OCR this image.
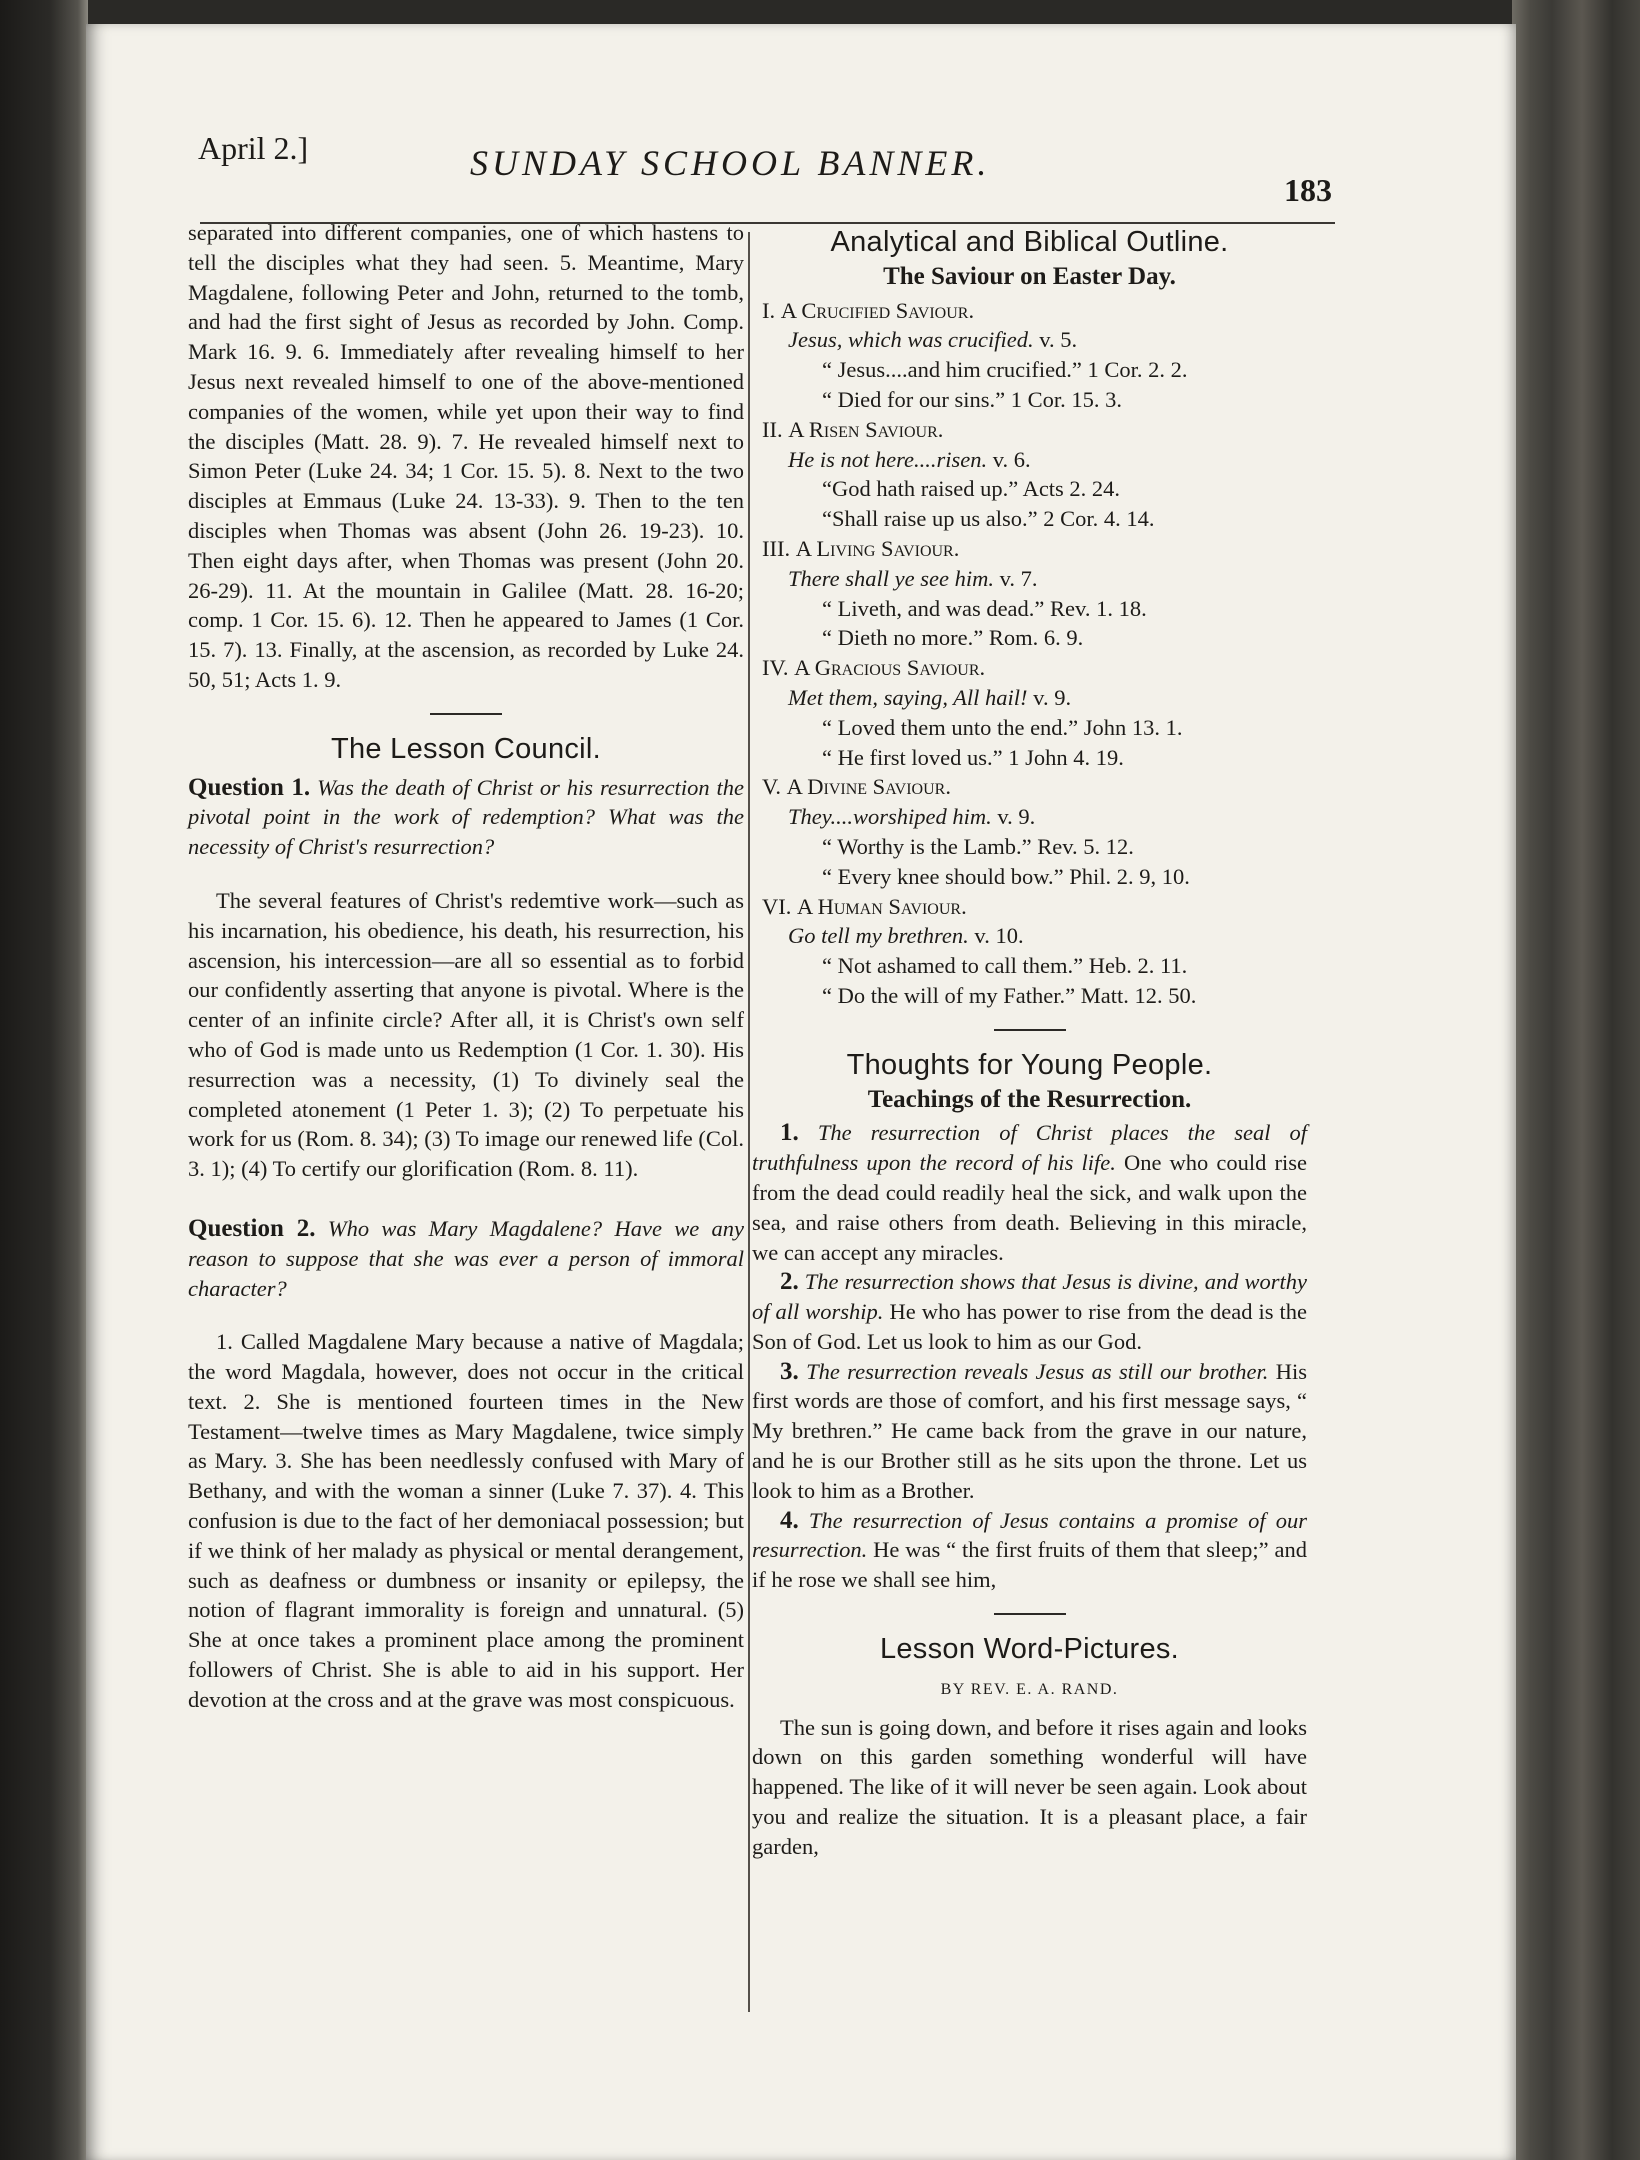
April 2.]	SUNDAY SCHOOL BANNER.
183

separated into different companies, one of which hastens to tell the disciples what they had seen. 5. Meantime, Mary Magdalene, following Peter and John, returned to the tomb, and had the first sight of Jesus as recorded by John. Comp. Mark 16. 9. 6. Immediately after revealing himself to her Jesus next revealed himself to one of the above-mentioned companies of the women, while yet upon their way to find the disciples (Matt. 28. 9). 7. He revealed himself next to Simon Peter (Luke 24. 34; 1 Cor. 15. 5). 8. Next to the two disciples at Emmaus (Luke 24. 13-33). 9. Then to the ten disciples when Thomas was absent (John 26. 19-23). 10. Then eight days after, when Thomas was present (John 20. 26-29). 11. At the mountain in Galilee (Matt. 28. 16-20; comp. 1 Cor. 15. 6). 12. Then he appeared to James (1 Cor. 15. 7). 13. Finally, at the ascension, as recorded by Luke 24. 50, 51; Acts 1. 9.

The Lesson Council.

Question 1. Was the death of Christ or his resurrection the pivotal point in the work of redemption? What was the necessity of Christ's resurrection?

The several features of Christ's redemtive work—such as his incarnation, his obedience, his death, his resurrection, his ascension, his intercession—are all so essential as to forbid our confidently asserting that anyone is pivotal. Where is the center of an infinite circle? After all, it is Christ's own self who of God is made unto us Redemption (1 Cor. 1. 30). His resurrection was a necessity, (1) To divinely seal the completed atonement (1 Peter 1. 3); (2) To perpetuate his work for us (Rom. 8. 34); (3) To image our renewed life (Col. 3. 1); (4) To certify our glorification (Rom. 8. 11).

Question 2. Who was Mary Magdalene? Have we any reason to suppose that she was ever a person of immoral character?

1. Called Magdalene Mary because a native of Magdala; the word Magdala, however, does not occur in the critical text. 2. She is mentioned fourteen times in the New Testament—twelve times as Mary Magdalene, twice simply as Mary. 3. She has been needlessly confused with Mary of Bethany, and with the woman a sinner (Luke 7. 37). 4. This confusion is due to the fact of her demoniacal possession; but if we think of her malady as physical or mental derangement, such as deafness or dumbness or insanity or epilepsy, the notion of flagrant immorality is foreign and unnatural. (5) She at once takes a prominent place among the prominent followers of Christ. She is able to aid in his support. Her devotion at the cross and at the grave was most conspicuous.

Analytical and Biblical Outline.

The Saviour on Easter Day.

I. A Crucified Saviour.

Jesus, which was crucified. v. 5.

“ Jesus....and him crucified.” 1 Cor. 2. 2.

“ Died for our sins.” 1 Cor. 15. 3.

II. A Risen Saviour.

He is not here....risen. v. 6.

“God hath raised up.” Acts 2. 24.

“Shall raise up us also.” 2 Cor. 4. 14.

III. A Living Saviour.

There shall ye see him. v. 7.

“ Liveth, and was dead.” Rev. 1. 18.

“ Dieth no more.” Rom. 6. 9.

IV. A Gracious Saviour.

Met them, saying, All hail! v. 9.

“ Loved them unto the end.” John 13. 1.

“ He first loved us.” 1 John 4. 19.

V. A Divine Saviour.

They....worshiped him. v. 9.

“ Worthy is the Lamb.” Rev. 5. 12.

“ Every knee should bow.” Phil. 2. 9, 10.

VI. A Human Saviour.

Go tell my brethren. v. 10.

“ Not ashamed to call them.” Heb. 2. 11.

“ Do the will of my Father.” Matt. 12. 50.

Thoughts for Young People.

Teachings of the Resurrection.

1. The resurrection of Christ places the seal of truthfulness upon the record of his life. One who could rise from the dead could readily heal the sick, and walk upon the sea, and raise others from death. Believing in this miracle, we can accept any miracles.

2. The resurrection shows that Jesus is divine, and worthy of all worship. He who has power to rise from the dead is the Son of God. Let us look to him as our God.

3. The resurrection reveals Jesus as still our brother. His first words are those of comfort, and his first message says, “ My brethren.” He came back from the grave in our nature, and he is our Brother still as he sits upon the throne. Let us look to him as a Brother.

4. The resurrection of Jesus contains a promise of our resurrection. He was “ the first fruits of them that sleep;” and if he rose we shall see him,

Lesson Word-Pictures.

BY REV. E. A. RAND.

The sun is going down, and before it rises again and looks down on this garden something wonderful will have happened. The like of it will never be seen again. Look about you and realize the situation. It is a pleasant place, a fair garden,
